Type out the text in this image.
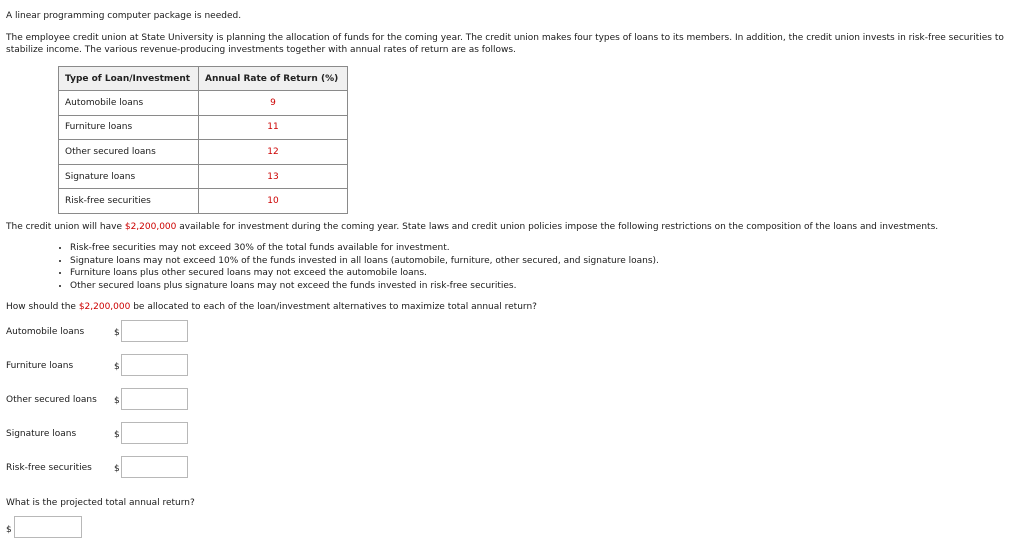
A linear programming computer package is needed.
The employee credit union at State University is planning the allocation of funds for the coming year. The credit union makes four types of loans to its members. In addition, the credit union invests in risk-free securities to stabilize income. The various revenue-producing investments together with annual rates of return are as follows.
Type of Loan/Investment	Annual Rate of Return (%)
Automobile loans	9
Furniture loans	11
Other secured loans	12
Signature loans	13
Risk-free securities	10
The credit union will have $2,200,000 available for investment during the coming year. State laws and credit union policies impose the following restrictions on the composition of the loans and investments.
• Risk-free securities may not exceed 30% of the total funds available for investment.
• Signature loans may not exceed 10% of the funds invested in all loans (automobile, furniture, other secured, and signature loans).
• Furniture loans plus other secured loans may not exceed the automobile loans.
• Other secured loans plus signature loans may not exceed the funds invested in risk-free securities.
How should the $2,200,000 be allocated to each of the loan/investment alternatives to maximize total annual return?
Automobile loans	$
Furniture loans	$
Other secured loans $
Signature loans	$
Risk-free securities $
What is the projected total annual return?
$
